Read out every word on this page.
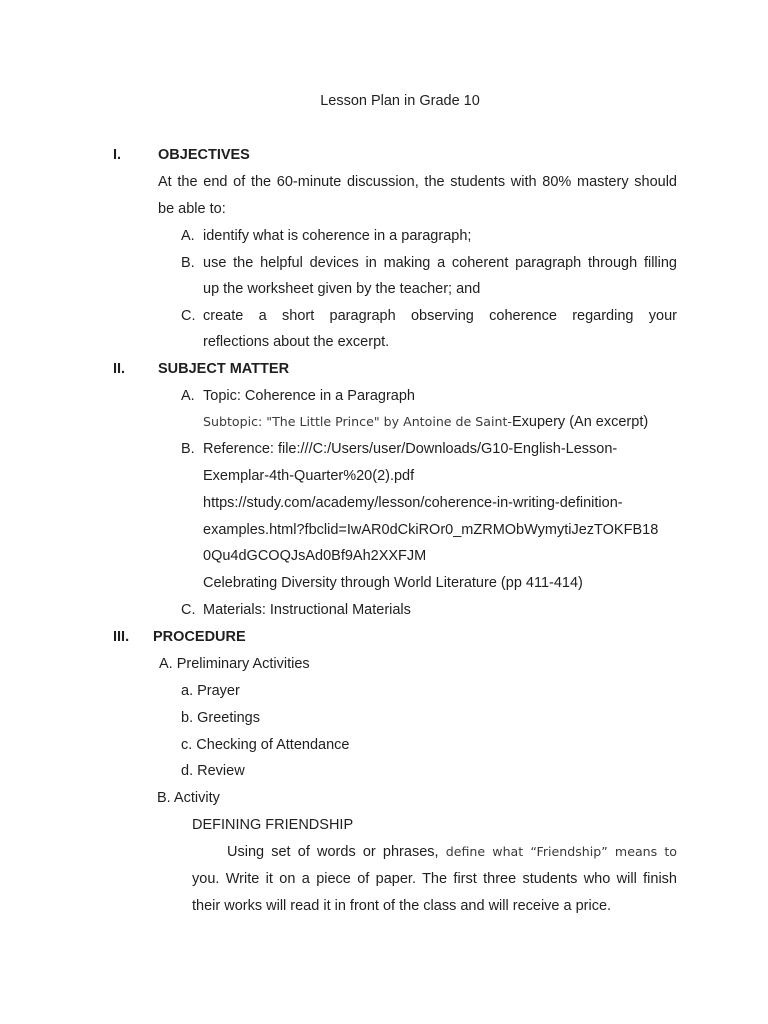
Lesson Plan in Grade 10
I.	OBJECTIVES
At the end of the 60-minute discussion, the students with 80% mastery should
be able to:
A. identify what is coherence in a paragraph;
B. use the helpful devices in making a coherent paragraph through filling
up the worksheet given by the teacher; and
C. create a short paragraph observing coherence regarding your
reflections about the excerpt.
II. SUBJECT MATTER
A. Topic: Coherence in a Paragraph
Subtopic: "The Little Prince" by Antoine de Saint-Exupery (An excerpt)
B. Reference: file:///C:/Users/user/Downloads/G10-English-Lesson-
Exemplar-4th-Quarter%20(2).pdf
https://study.com/academy/lesson/coherence-in-writing-definition-
examples.html?fbclid=IwAR0dCkiROr0_mZRMObWymytiJezTOKFB18
0Qu4dGCOQJsAd0Bf9Ah2XXFJM
Celebrating Diversity through World Literature (pp 411-414)
C. Materials: Instructional Materials
III. PROCEDURE
A. Preliminary Activities
a. Prayer
b. Greetings
c. Checking of Attendance
d. Review
B. Activity
DEFINING FRIENDSHIP
Using set of words or phrases, define what “Friendship” means to
you. Write it on a piece of paper. The first three students who will finish
their works will read it in front of the class and will receive a price.
